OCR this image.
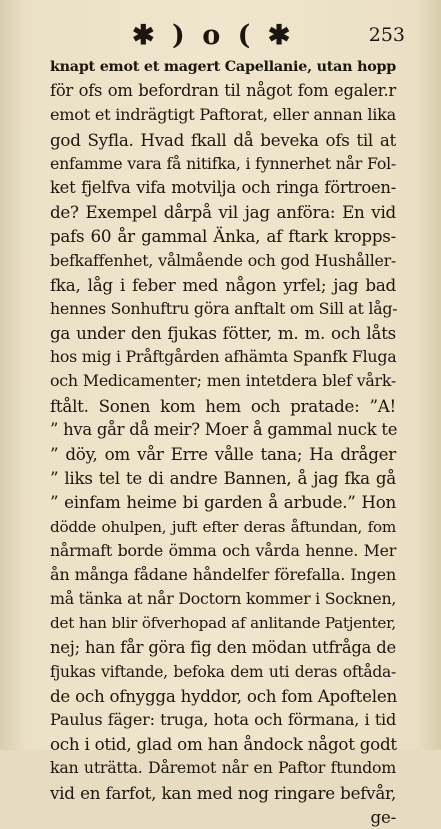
✱ ) o ( ✱	253
knapt emot et magert Capellanie, utan hopp
för ofs om befordran til något fom egaler.r
emot et indrägtigt Paftorat, eller annan lika
god Syfla. Hvad fkall då beveka ofs til at
enfamme vara få nitifka, i fynnerhet når Fol-
ket fjelfva vifa motvilja och ringa förtroen-
de? Exempel dårpå vil jag anföra: En vid
pafs 60 år gammal Änka, af ftark kropps-
befkaffenhet, vålmående och god Hushåller-
fka, låg i feber med någon yrfel; jag bad
hennes Sonhuftru göra anftalt om Sill at låg-
ga under den fjukas fötter, m. m. och låts
hos mig i Pråftgården afhämta Spanfk Fluga
och Medicamenter; men intetdera blef vårk-
ftålt. Sonen kom hem och pratade: ”A!
” hva går då meir? Moer å gammal nuck te
” döy, om vår Erre vålle tana; Ha dråger
” liks tel te di andre Bannen, å jag fka gå
” einfam heime bi garden å arbude.” Hon
dödde ohulpen, juft efter deras åftundan, fom
nårmaft borde ömma och vårda henne. Mer
ån många fådane håndelfer förefalla. Ingen
må tänka at når Doctorn kommer i Socknen,
det han blir öfverhopad af anlitande Patjenter,
nej; han får göra fig den mödan utfråga de
fjukas viftande, befoka dem uti deras oftåda-
de och ofnygga hyddor, och fom Apoftelen
Paulus fäger: truga, hota och förmana, i tid
och i otid, glad om han åndock något godt
kan uträtta. Dåremot når en Paftor ftundom
vid en farfot, kan med nog ringare befvår,
ge-
